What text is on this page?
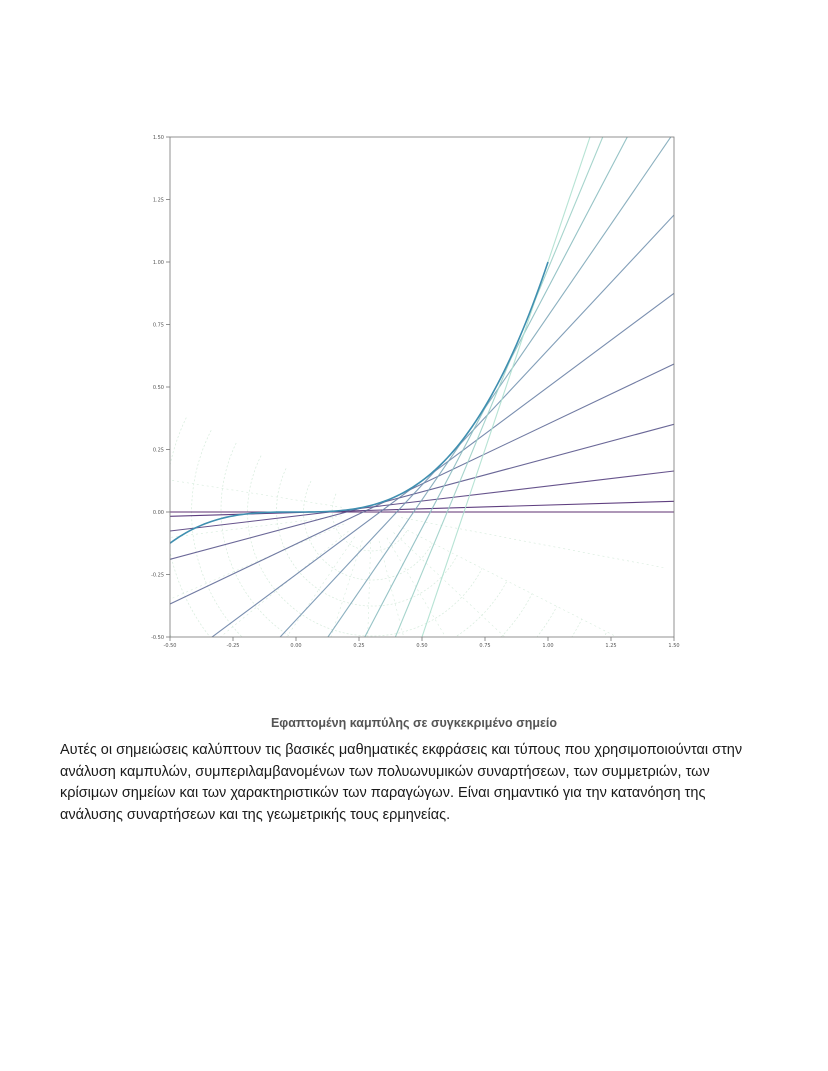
-0.50	-0.25	0.00	0.25	0.50	0.75	1.00	1.25	1.50
-0.50
-0.25
0.00
0.25
0.50
0.75
1.00
1.25
1.50
Εφαπτομένη καμπύλης σε συγκεκριμένο σημείο

Αυτές οι σημειώσεις καλύπτουν τις βασικές μαθηματικές εκφράσεις και τύπους που χρησιμοποιούνται στην ανάλυση καμπυλών, συμπεριλαμβανομένων των πολυωνυμικών συναρτήσεων, των συμμετριών, των κρίσιμων σημείων και των χαρακτηριστικών των παραγώγων. Είναι σημαντικό για την κατανόηση της ανάλυσης συναρτήσεων και της γεωμετρικής τους ερμηνείας.
